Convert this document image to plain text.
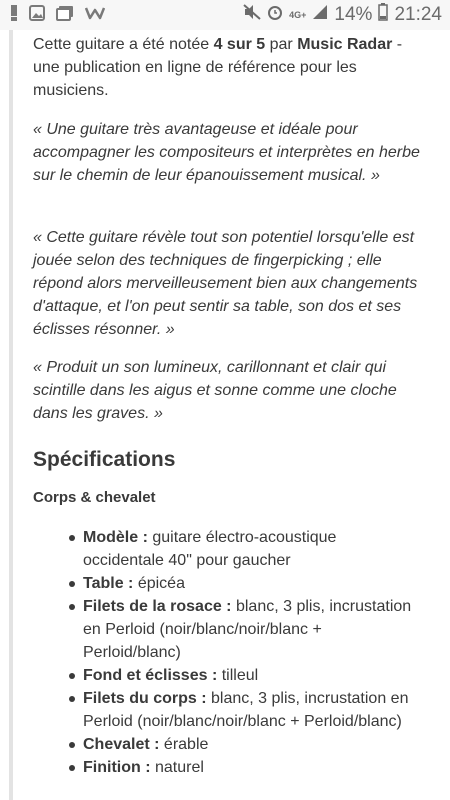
4G+ 14% 21:24

Cette guitare a été notée 4 sur 5 par Music Radar - une publication en ligne de référence pour les musiciens.

« Une guitare très avantageuse et idéale pour accompagner les compositeurs et interprètes en herbe sur le chemin de leur épanouissement musical. »

« Cette guitare révèle tout son potentiel lorsqu'elle est jouée selon des techniques de fingerpicking ; elle répond alors merveilleusement bien aux changements d'attaque, et l'on peut sentir sa table, son dos et ses éclisses résonner. »

« Produit un son lumineux, carillonnant et clair qui scintille dans les aigus et sonne comme une cloche dans les graves. »

Spécifications
Corps & chevalet
Modèle : guitare électro-acoustique occidentale 40" pour gaucher
Table : épicéa
Filets de la rosace : blanc, 3 plis, incrustation en Perloid (noir/blanc/noir/blanc + Perloid/blanc)
Fond et éclisses : tilleul
Filets du corps : blanc, 3 plis, incrustation en Perloid (noir/blanc/noir/blanc + Perloid/blanc)
Chevalet : érable
Finition : naturel
